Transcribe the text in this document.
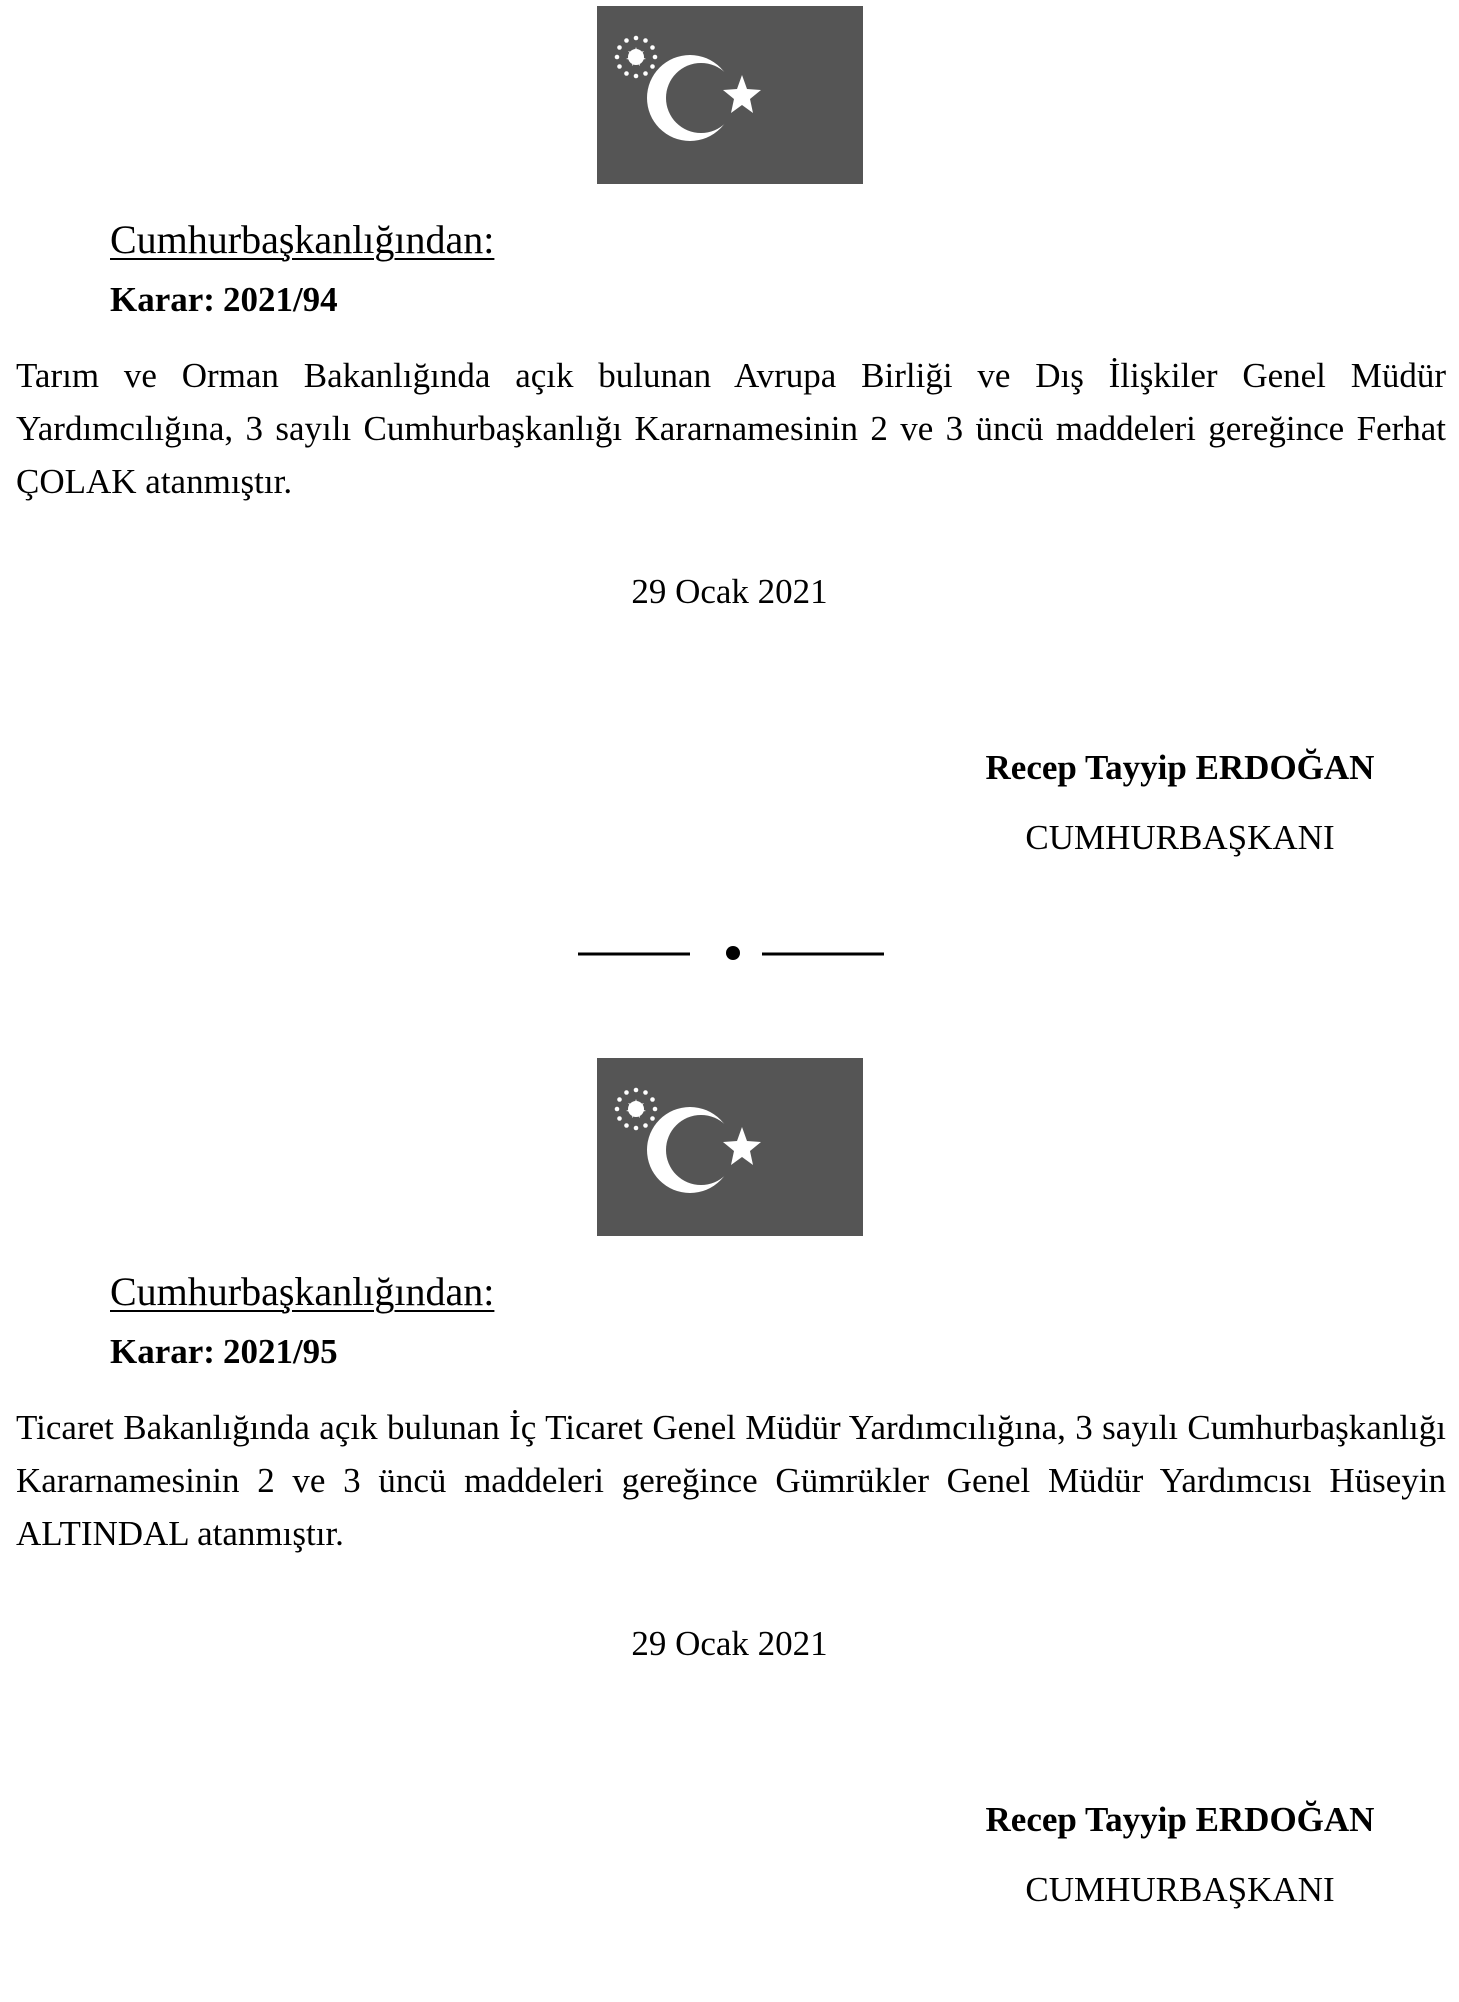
Cumhurbaşkanlığından:
Karar: 2021/94

Tarım ve Orman Bakanlığında açık bulunan Avrupa Birliği ve Dış İlişkiler Genel Müdür Yardımcılığına, 3 sayılı Cumhurbaşkanlığı Kararnamesinin 2 ve 3 üncü maddeleri gereğince Ferhat ÇOLAK atanmıştır.

29 Ocak 2021
Recep Tayyip ERDOĞAN
CUMHURBAŞKANI
Cumhurbaşkanlığından:
Karar: 2021/95

Ticaret Bakanlığında açık bulunan İç Ticaret Genel Müdür Yardımcılığına, 3 sayılı Cumhurbaşkanlığı Kararnamesinin 2 ve 3 üncü maddeleri gereğince Gümrükler Genel Müdür Yardımcısı Hüseyin ALTINDAL atanmıştır.

29 Ocak 2021
Recep Tayyip ERDOĞAN
CUMHURBAŞKANI
